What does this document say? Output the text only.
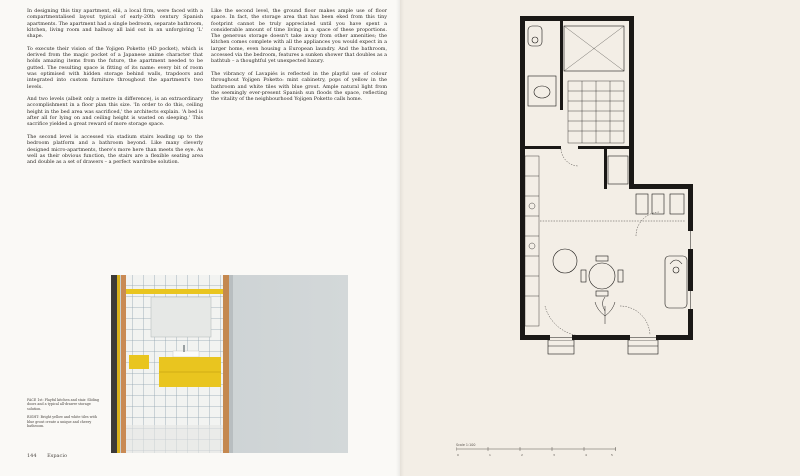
In designing this tiny apartment, elii, a local firm, were faced with a compartmentalised layout typical of early-20th century Spanish apartments. The apartment had a single bedroom, separate bathroom, kitchen, living room and hallway all laid out in an unforgiving 'L' shape.

To execute their vision of the Yojigen Poketto (4D pocket), which is derived from the magic pocket of a Japanese anime character that holds amazing items from the future, the apartment needed to be gutted. The resulting space is fitting of its name: every bit of room was optimised with hidden storage behind walls, trapdoors and integrated into custom furniture throughout the apartment's two levels.

And two levels (albeit only a metre in difference), is an extraordinary accomplishment in a floor plan this size. 'In order to do this, ceiling height in the bed area was sacrificed,' the architects explain. 'A bed is after all for lying on and ceiling height is wasted on sleeping.' This sacrifice yielded a great reward of more storage space.

The second level is accessed via stadium stairs leading up to the bedroom platform and a bathroom beyond. Like many cleverly designed micro-apartments, there's more here than meets the eye. As well as their obvious function, the stairs are a flexible seating area and double as a set of drawers – a perfect wardrobe solution.

Like the second level, the ground floor makes ample use of floor space. In fact, the storage area that has been eked from this tiny footprint cannot be truly appreciated until you have spent a considerable amount of time living in a space of these proportions. The generous storage doesn't take away from other amenities; the kitchen comes complete with all the appliances you would expect in a larger home, even housing a European laundry. And the bathroom, accessed via the bedroom, features a sunken shower that doubles as a bathtub – a thoughtful yet unexpected luxury.

The vibrancy of Lavapiés is reflected in the playful use of colour throughout Yojigen Poketto: mint cabinetry, pops of yellow in the bathroom and white tiles with blue grout. Ample natural light from the seemingly ever-present Spanish sun floods the space, reflecting the vitality of the neighbourhood Yojigen Poketto calls home.

FACE 1st: Playful kitchen and stair. Sliding doors and a typical all-drawer storage solution.

RIGHT: Bright yellow and white tiles with blue grout create a unique and cheery bathroom.

144 Espacio
Scale 1:100
0	1	2	3	4	5
